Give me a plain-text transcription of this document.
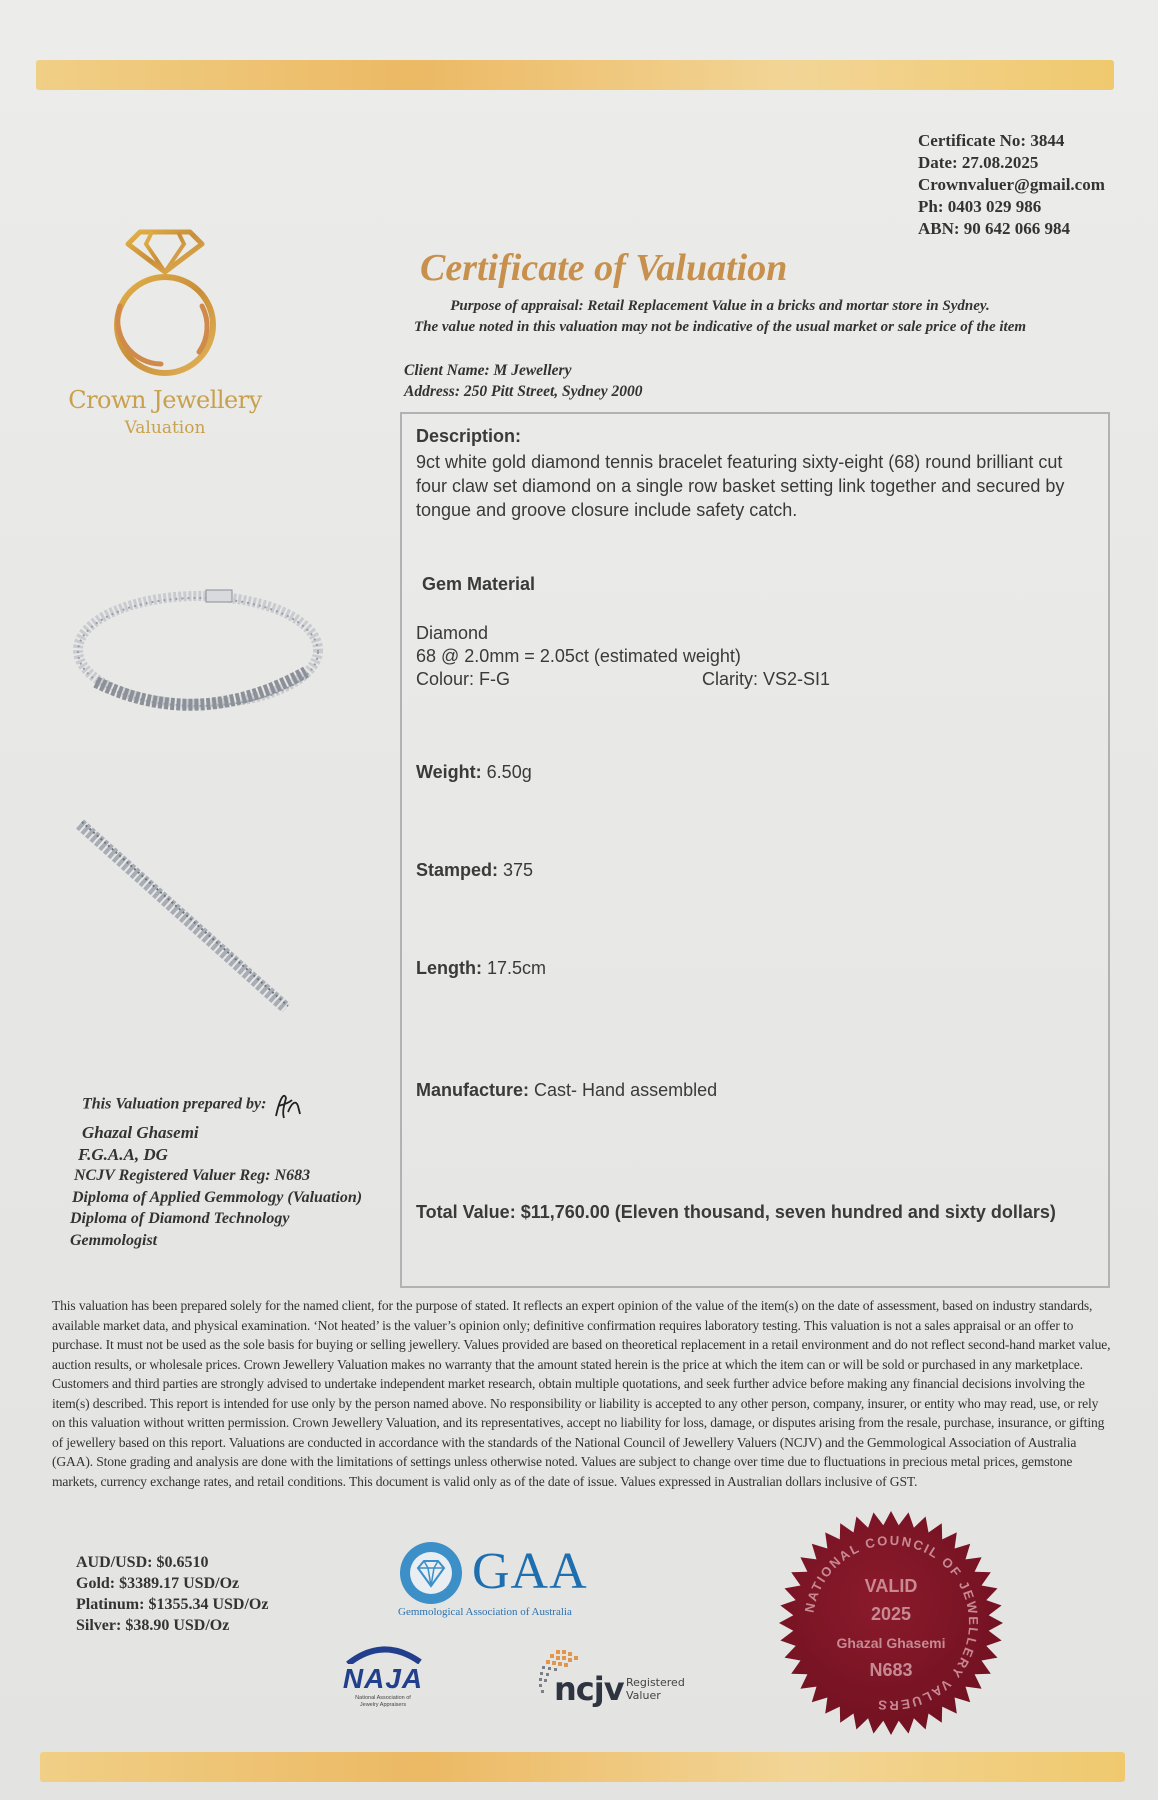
Certificate No: 3844
Date: 27.08.2025
Crownvaluer@gmail.com
Ph: 0403 029 986
ABN: 90 642 066 984
Crown Jewellery
Valuation
Certificate of Valuation
Purpose of appraisal: Retail Replacement Value in a bricks and mortar store in Sydney.
The value noted in this valuation may not be indicative of the usual market or sale price of the item
Client Name: M Jewellery
Address: 250 Pitt Street, Sydney 2000
This Valuation prepared by:
Ghazal Ghasemi
F.G.A.A, DG
NCJV Registered Valuer Reg: N683
Diploma of Applied Gemmology (Valuation)
Diploma of Diamond Technology
Gemmologist
Description:
9ct white gold diamond tennis bracelet featuring sixty-eight (68) round brilliant cut four claw set diamond on a single row basket setting link together and secured by tongue and groove closure include safety catch.
Gem Material
Diamond
68 @ 2.0mm = 2.05ct (estimated weight)
Colour: F-G	Clarity: VS2-SI1
Weight: 6.50g
Stamped: 375
Length: 17.5cm
Manufacture: Cast- Hand assembled
Total Value: $11,760.00 (Eleven thousand, seven hundred and sixty dollars)
This valuation has been prepared solely for the named client, for the purpose of stated. It reflects an expert opinion of the value of the item(s) on the date of assessment, based on industry standards, available market data, and physical examination. ‘Not heated’ is the valuer’s opinion only; definitive confirmation requires laboratory testing. This valuation is not a sales appraisal or an offer to purchase. It must not be used as the sole basis for buying or selling jewellery. Values provided are based on theoretical replacement in a retail environment and do not reflect second-hand market value, auction results, or wholesale prices. Crown Jewellery Valuation makes no warranty that the amount stated herein is the price at which the item can or will be sold or purchased in any marketplace. Customers and third parties are strongly advised to undertake independent market research, obtain multiple quotations, and seek further advice before making any financial decisions involving the item(s) described. This report is intended for use only by the person named above. No responsibility or liability is accepted to any other person, company, insurer, or entity who may read, use, or rely on this valuation without written permission. Crown Jewellery Valuation, and its representatives, accept no liability for loss, damage, or disputes arising from the resale, purchase, insurance, or gifting of jewellery based on this report. Valuations are conducted in accordance with the standards of the National Council of Jewellery Valuers (NCJV) and the Gemmological Association of Australia (GAA). Stone grading and analysis are done with the limitations of settings unless otherwise noted. Values are subject to change over time due to fluctuations in precious metal prices, gemstone markets, currency exchange rates, and retail conditions. This document is valid only as of the date of issue. Values expressed in Australian dollars inclusive of GST.
AUD/USD: $0.6510
Gold: $3389.17 USD/Oz
Platinum: $1355.34 USD/Oz
Silver: $38.90 USD/Oz
GAA
Gemmological Association of Australia
NAJA
National Association of
Jewelry Appraisers	ncjv Registered
Valuer
NATIONAL COUNCIL OF JEWELLERY VALUERS
VALID
2025
Ghazal Ghasemi
N683
